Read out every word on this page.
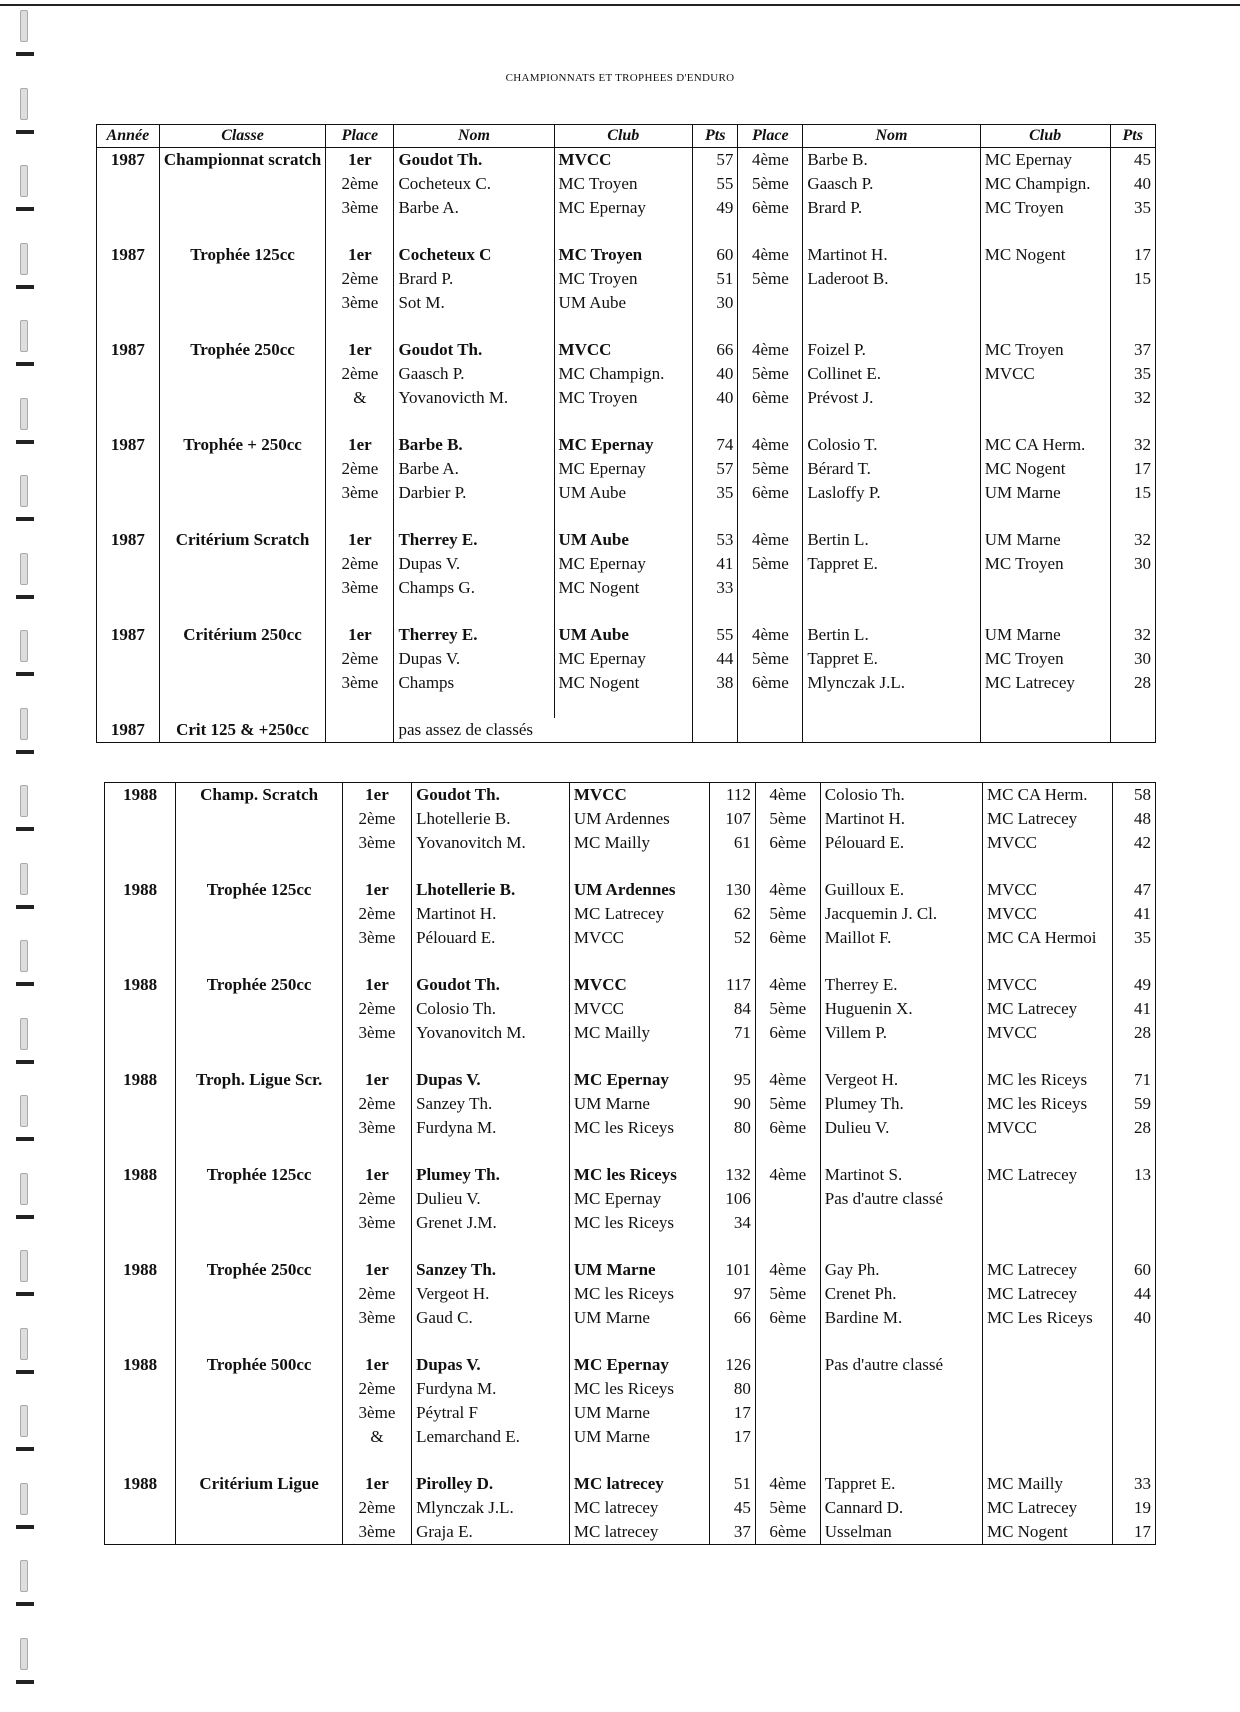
CHAMPIONNATS ET TROPHEES D'ENDURO
Année	Classe	Place	Nom	Club	Pts	Place	Nom	Club	Pts
1987	Championnat scratch	1er	Goudot Th.	MVCC	57	4ème	Barbe B.	MC Epernay	45
		2ème	Cocheteux C.	MC Troyen	55	5ème	Gaasch P.	MC Champign.	40
		3ème	Barbe A.	MC Epernay	49	6ème	Brard P.	MC Troyen	35

1987	Trophée 125cc	1er	Cocheteux C	MC Troyen	60	4ème	Martinot H.	MC Nogent	17
		2ème	Brard P.	MC Troyen	51	5ème	Laderoot B.		15
		3ème	Sot M.	UM Aube	30				

1987	Trophée 250cc	1er	Goudot Th.	MVCC	66	4ème	Foizel P.	MC Troyen	37
		2ème	Gaasch P.	MC Champign.	40	5ème	Collinet E.	MVCC	35
		&	Yovanovicth M.	MC Troyen	40	6ème	Prévost J.		32

1987	Trophée + 250cc	1er	Barbe B.	MC Epernay	74	4ème	Colosio T.	MC CA Herm.	32
		2ème	Barbe A.	MC Epernay	57	5ème	Bérard T.	MC Nogent	17
		3ème	Darbier P.	UM Aube	35	6ème	Lasloffy P.	UM Marne	15

1987	Critérium Scratch	1er	Therrey E.	UM Aube	53	4ème	Bertin L.	UM Marne	32
		2ème	Dupas V.	MC Epernay	41	5ème	Tappret E.	MC Troyen	30
		3ème	Champs G.	MC Nogent	33				

1987	Critérium 250cc	1er	Therrey E.	UM Aube	55	4ème	Bertin L.	UM Marne	32
		2ème	Dupas V.	MC Epernay	44	5ème	Tappret E.	MC Troyen	30
		3ème	Champs	MC Nogent	38	6ème	Mlynczak J.L.	MC Latrecey	28

1987	Crit 125 & +250cc		pas assez de classés						
1988	Champ. Scratch	1er	Goudot Th.	MVCC	112	4ème	Colosio Th.	MC CA Herm.	58
		2ème	Lhotellerie B.	UM Ardennes	107	5ème	Martinot H.	MC Latrecey	48
		3ème	Yovanovitch M.	MC Mailly	61	6ème	Pélouard E.	MVCC	42

1988	Trophée 125cc	1er	Lhotellerie B.	UM Ardennes	130	4ème	Guilloux E.	MVCC	47
		2ème	Martinot H.	MC Latrecey	62	5ème	Jacquemin J. Cl.	MVCC	41
		3ème	Pélouard E.	MVCC	52	6ème	Maillot F.	MC CA Hermoi	35

1988	Trophée 250cc	1er	Goudot Th.	MVCC	117	4ème	Therrey E.	MVCC	49
		2ème	Colosio Th.	MVCC	84	5ème	Huguenin X.	MC Latrecey	41
		3ème	Yovanovitch M.	MC Mailly	71	6ème	Villem P.	MVCC	28

1988	Troph. Ligue Scr.	1er	Dupas V.	MC Epernay	95	4ème	Vergeot H.	MC les Riceys	71
		2ème	Sanzey Th.	UM Marne	90	5ème	Plumey Th.	MC les Riceys	59
		3ème	Furdyna M.	MC les Riceys	80	6ème	Dulieu V.	MVCC	28

1988	Trophée 125cc	1er	Plumey Th.	MC les Riceys	132	4ème	Martinot S.	MC Latrecey	13
		2ème	Dulieu V.	MC Epernay	106		Pas d'autre classé		
		3ème	Grenet J.M.	MC les Riceys	34				

1988	Trophée 250cc	1er	Sanzey Th.	UM Marne	101	4ème	Gay Ph.	MC Latrecey	60
		2ème	Vergeot H.	MC les Riceys	97	5ème	Crenet Ph.	MC Latrecey	44
		3ème	Gaud C.	UM Marne	66	6ème	Bardine M.	MC Les Riceys	40

1988	Trophée 500cc	1er	Dupas V.	MC Epernay	126		Pas d'autre classé		
		2ème	Furdyna M.	MC les Riceys	80				
		3ème	Péytral F	UM Marne	17				
		&	Lemarchand E.	UM Marne	17				

1988	Critérium Ligue	1er	Pirolley D.	MC latrecey	51	4ème	Tappret E.	MC Mailly	33
		2ème	Mlynczak J.L.	MC latrecey	45	5ème	Cannard D.	MC Latrecey	19
		3ème	Graja E.	MC latrecey	37	6ème	Usselman	MC Nogent	17
